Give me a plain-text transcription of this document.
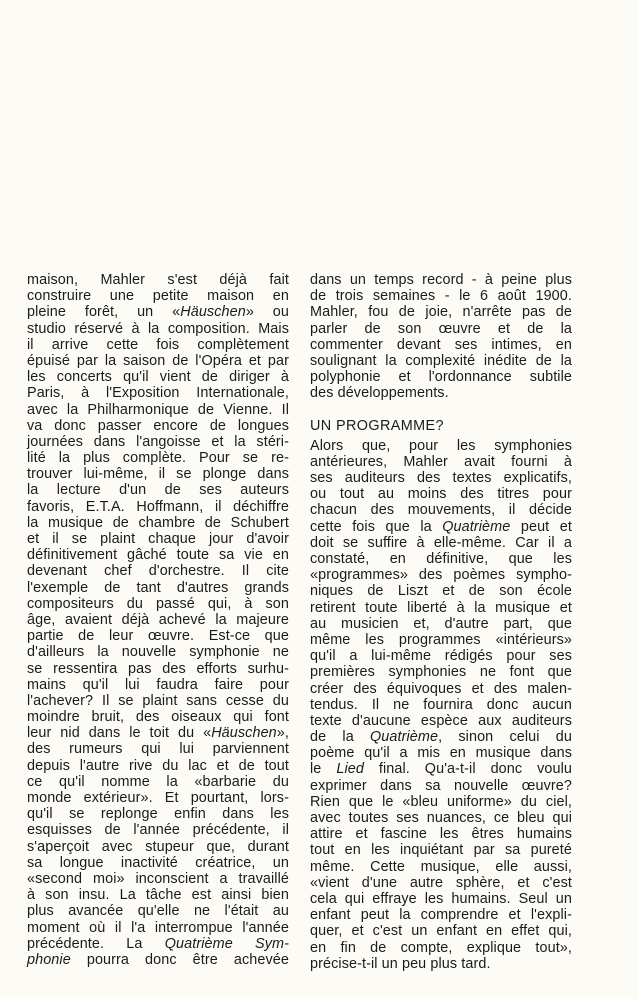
maison, Mahler s'est déjà fait
construire une petite maison en
pleine forêt, un «Häuschen» ou
studio réservé à la composition. Mais
il arrive cette fois complètement
épuisé par la saison de l'Opéra et par
les concerts qu'il vient de diriger à
Paris, à l'Exposition Internationale,
avec la Philharmonique de Vienne. Il
va donc passer encore de longues
journées dans l'angoisse et la stéri-
lité la plus complète. Pour se re-
trouver lui-même, il se plonge dans
la lecture d'un de ses auteurs
favoris, E.T.A. Hoffmann, il déchiffre
la musique de chambre de Schubert
et il se plaint chaque jour d'avoir
définitivement gâché toute sa vie en
devenant chef d'orchestre. Il cite
l'exemple de tant d'autres grands
compositeurs du passé qui, à son
âge, avaient déjà achevé la majeure
partie de leur œuvre. Est-ce que
d'ailleurs la nouvelle symphonie ne
se ressentira pas des efforts surhu-
mains qu'il lui faudra faire pour
l'achever? Il se plaint sans cesse du
moindre bruit, des oiseaux qui font
leur nid dans le toit du «Häuschen»,
des rumeurs qui lui parviennent
depuis l'autre rive du lac et de tout
ce qu'il nomme la «barbarie du
monde extérieur». Et pourtant, lors-
qu'il se replonge enfin dans les
esquisses de l'année précédente, il
s'aperçoit avec stupeur que, durant
sa longue inactivité créatrice, un
«second moi» inconscient a travaillé
à son insu. La tâche est ainsi bien
plus avancée qu'elle ne l'était au
moment où il l'a interrompue l'année
précédente. La Quatrième Sym-
phonie pourra donc être achevée
dans un temps record - à peine plus
de trois semaines - le 6 août 1900.
Mahler, fou de joie, n'arrête pas de
parler de son œuvre et de la
commenter devant ses intimes, en
soulignant la complexité inédite de la
polyphonie et l'ordonnance subtile
des développements.
UN PROGRAMME?
Alors que, pour les symphonies
antérieures, Mahler avait fourni à
ses auditeurs des textes explicatifs,
ou tout au moins des titres pour
chacun des mouvements, il décide
cette fois que la Quatrième peut et
doit se suffire à elle-même. Car il a
constaté, en définitive, que les
«programmes» des poèmes sympho-
niques de Liszt et de son école
retirent toute liberté à la musique et
au musicien et, d'autre part, que
même les programmes «intérieurs»
qu'il a lui-même rédigés pour ses
premières symphonies ne font que
créer des équivoques et des malen-
tendus. Il ne fournira donc aucun
texte d'aucune espèce aux auditeurs
de la Quatrième, sinon celui du
poème qu'il a mis en musique dans
le Lied final. Qu'a-t-il donc voulu
exprimer dans sa nouvelle œuvre?
Rien que le «bleu uniforme» du ciel,
avec toutes ses nuances, ce bleu qui
attire et fascine les êtres humains
tout en les inquiétant par sa pureté
même. Cette musique, elle aussi,
«vient d'une autre sphère, et c'est
cela qui effraye les humains. Seul un
enfant peut la comprendre et l'expli-
quer, et c'est un enfant en effet qui,
en fin de compte, explique tout»,
précise-t-il un peu plus tard.
